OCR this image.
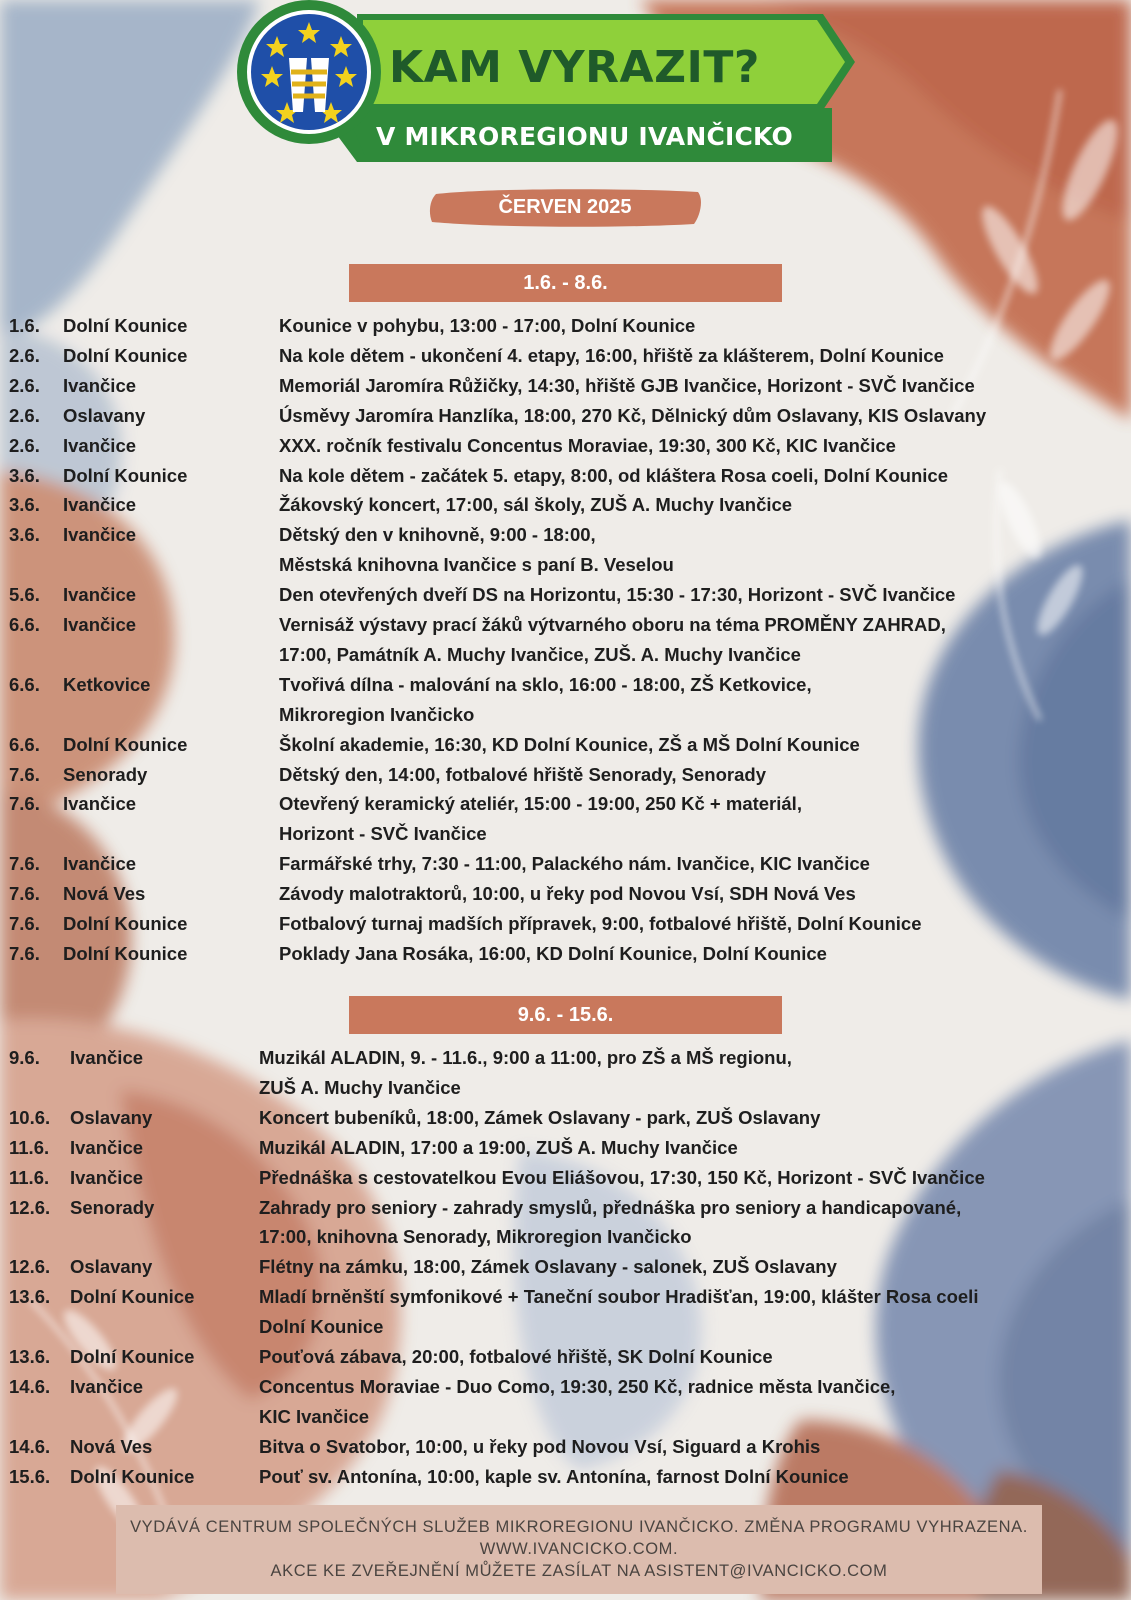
KAM VYRAZIT?
V MIKROREGIONU IVANČICKO
ČERVEN 2025
1.6. - 8.6.
9.6. - 15.6.
1.6. Dolní Kounice	Kounice v pohybu, 13:00 - 17:00, Dolní Kounice
2.6. Dolní Kounice	Na kole dětem - ukončení 4. etapy, 16:00, hřiště za klášterem, Dolní Kounice
2.6. Ivančice	Memoriál Jaromíra Růžičky, 14:30, hřiště GJB Ivančice, Horizont - SVČ Ivančice
2.6. Oslavany	Úsměvy Jaromíra Hanzlíka, 18:00, 270 Kč, Dělnický dům Oslavany, KIS Oslavany
2.6. Ivančice	XXX. ročník festivalu Concentus Moraviae, 19:30, 300 Kč, KIC Ivančice
3.6. Dolní Kounice	Na kole dětem - začátek 5. etapy, 8:00, od kláštera Rosa coeli, Dolní Kounice
3.6. Ivančice	Žákovský koncert, 17:00, sál školy, ZUŠ A. Muchy Ivančice
3.6. Ivančice	Dětský den v knihovně, 9:00 - 18:00,
Městská knihovna Ivančice s paní B. Veselou
5.6. Ivančice	Den otevřených dveří DS na Horizontu, 15:30 - 17:30, Horizont - SVČ Ivančice
6.6. Ivančice	Vernisáž výstavy prací žáků výtvarného oboru na téma PROMĚNY ZAHRAD,
17:00, Památník A. Muchy Ivančice, ZUŠ. A. Muchy Ivančice
6.6. Ketkovice	Tvořivá dílna - malování na sklo, 16:00 - 18:00, ZŠ Ketkovice,
Mikroregion Ivančicko
6.6. Dolní Kounice	Školní akademie, 16:30, KD Dolní Kounice, ZŠ a MŠ Dolní Kounice
7.6. Senorady	Dětský den, 14:00, fotbalové hřiště Senorady, Senorady
7.6. Ivančice	Otevřený keramický ateliér, 15:00 - 19:00, 250 Kč + materiál,
Horizont - SVČ Ivančice
7.6. Ivančice	Farmářské trhy, 7:30 - 11:00, Palackého nám. Ivančice, KIC Ivančice
7.6. Nová Ves	Závody malotraktorů, 10:00, u řeky pod Novou Vsí, SDH Nová Ves
7.6. Dolní Kounice	Fotbalový turnaj madších přípravek, 9:00, fotbalové hřiště, Dolní Kounice
7.6. Dolní Kounice	Poklady Jana Rosáka, 16:00, KD Dolní Kounice, Dolní Kounice
9.6. Ivančice	Muzikál ALADIN, 9. - 11.6., 9:00 a 11:00, pro ZŠ a MŠ regionu,
ZUŠ A. Muchy Ivančice
10.6. Oslavany	Koncert bubeníků, 18:00, Zámek Oslavany - park, ZUŠ Oslavany
11.6. Ivančice	Muzikál ALADIN, 17:00 a 19:00, ZUŠ A. Muchy Ivančice
11.6. Ivančice	Přednáška s cestovatelkou Evou Eliášovou, 17:30, 150 Kč, Horizont - SVČ Ivančice
12.6. Senorady	Zahrady pro seniory - zahrady smyslů, přednáška pro seniory a handicapované,
17:00, knihovna Senorady, Mikroregion Ivančicko
12.6. Oslavany	Flétny na zámku, 18:00, Zámek Oslavany - salonek, ZUŠ Oslavany
13.6. Dolní Kounice	Mladí brněnští symfonikové + Taneční soubor Hradišťan, 19:00, klášter Rosa coeli
Dolní Kounice
13.6. Dolní Kounice	Pouťová zábava, 20:00, fotbalové hřiště, SK Dolní Kounice
14.6. Ivančice	Concentus Moraviae - Duo Como, 19:30, 250 Kč, radnice města Ivančice,
KIC Ivančice
14.6. Nová Ves	Bitva o Svatobor, 10:00, u řeky pod Novou Vsí, Siguard a Krohis
15.6. Dolní Kounice	Pouť sv. Antonína, 10:00, kaple sv. Antonína, farnost Dolní Kounice
VYDÁVÁ CENTRUM SPOLEČNÝCH SLUŽEB MIKROREGIONU IVANČICKO. ZMĚNA PROGRAMU VYHRAZENA.
WWW.IVANCICKO.COM.
AKCE KE ZVEŘEJNĚNÍ MŮŽETE ZASÍLAT NA ASISTENT@IVANCICKO.COM
